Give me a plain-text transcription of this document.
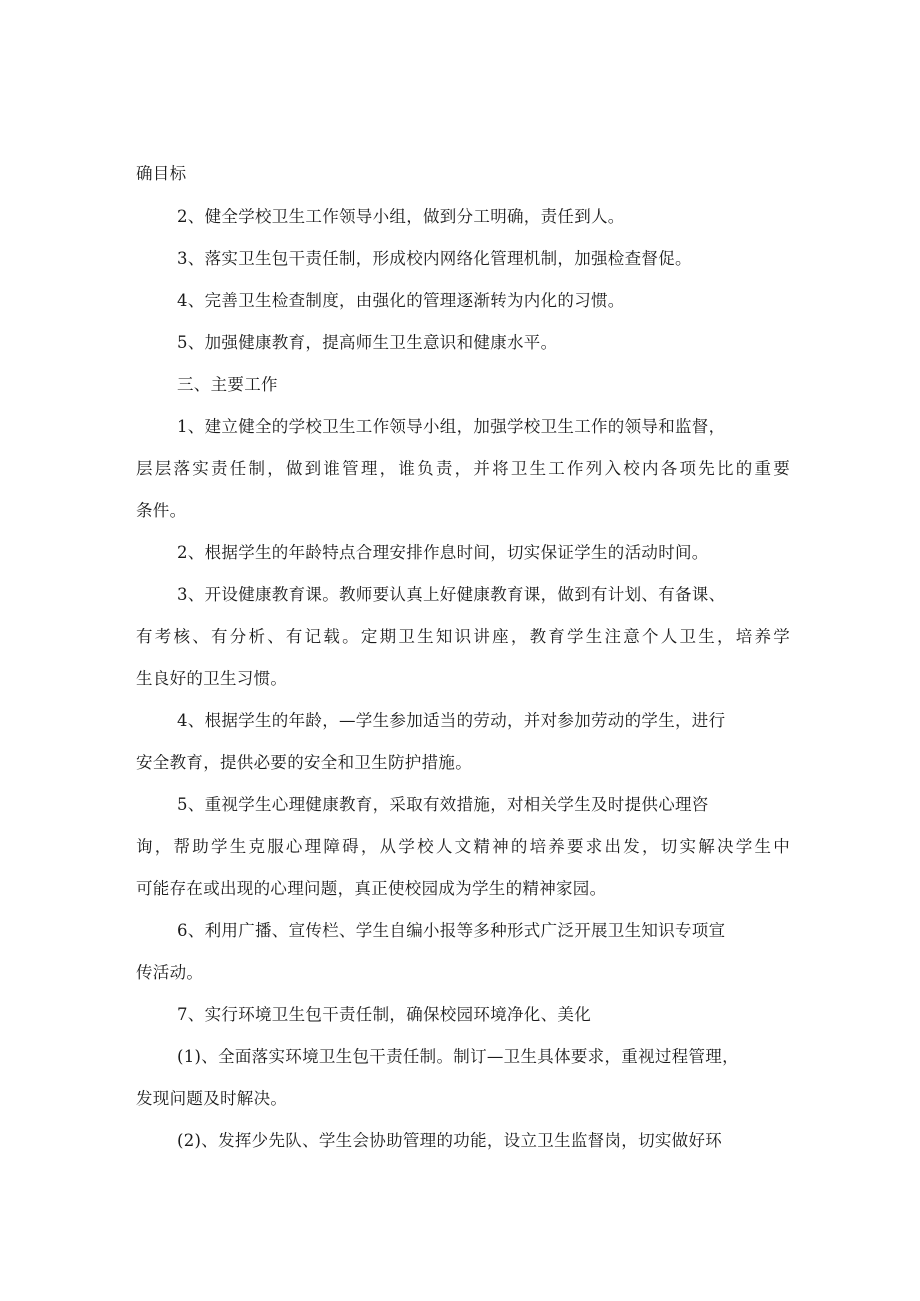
确目标

2、健全学校卫生工作领导小组，做到分工明确，责任到人。

3、落实卫生包干责任制，形成校内网络化管理机制，加强检查督促。

4、完善卫生检查制度，由强化的管理逐渐转为内化的习惯。

5、加强健康教育，提高师生卫生意识和健康水平。

三、主要工作

1、建立健全的学校卫生工作领导小组，加强学校卫生工作的领导和监督，

层层落实责任制，做到谁管理，谁负责，并将卫生工作列入校内各项先比的重要

条件。

2、根据学生的年龄特点合理安排作息时间，切实保证学生的活动时间。

3、开设健康教育课。教师要认真上好健康教育课，做到有计划、有备课、

有考核、有分析、有记载。定期卫生知识讲座，教育学生注意个人卫生，培养学

生良好的卫生习惯。

4、根据学生的年龄，—学生参加适当的劳动，并对参加劳动的学生，进行

安全教育，提供必要的安全和卫生防护措施。

5、重视学生心理健康教育，采取有效措施，对相关学生及时提供心理咨

询，帮助学生克服心理障碍，从学校人文精神的培养要求出发，切实解决学生中

可能存在或出现的心理问题，真正使校园成为学生的精神家园。

6、利用广播、宣传栏、学生自编小报等多种形式广泛开展卫生知识专项宣

传活动。

7、实行环境卫生包干责任制，确保校园环境净化、美化

(1)、全面落实环境卫生包干责任制。制订—卫生具体要求，重视过程管理，

发现问题及时解决。

(2)、发挥少先队、学生会协助管理的功能，设立卫生监督岗，切实做好环
